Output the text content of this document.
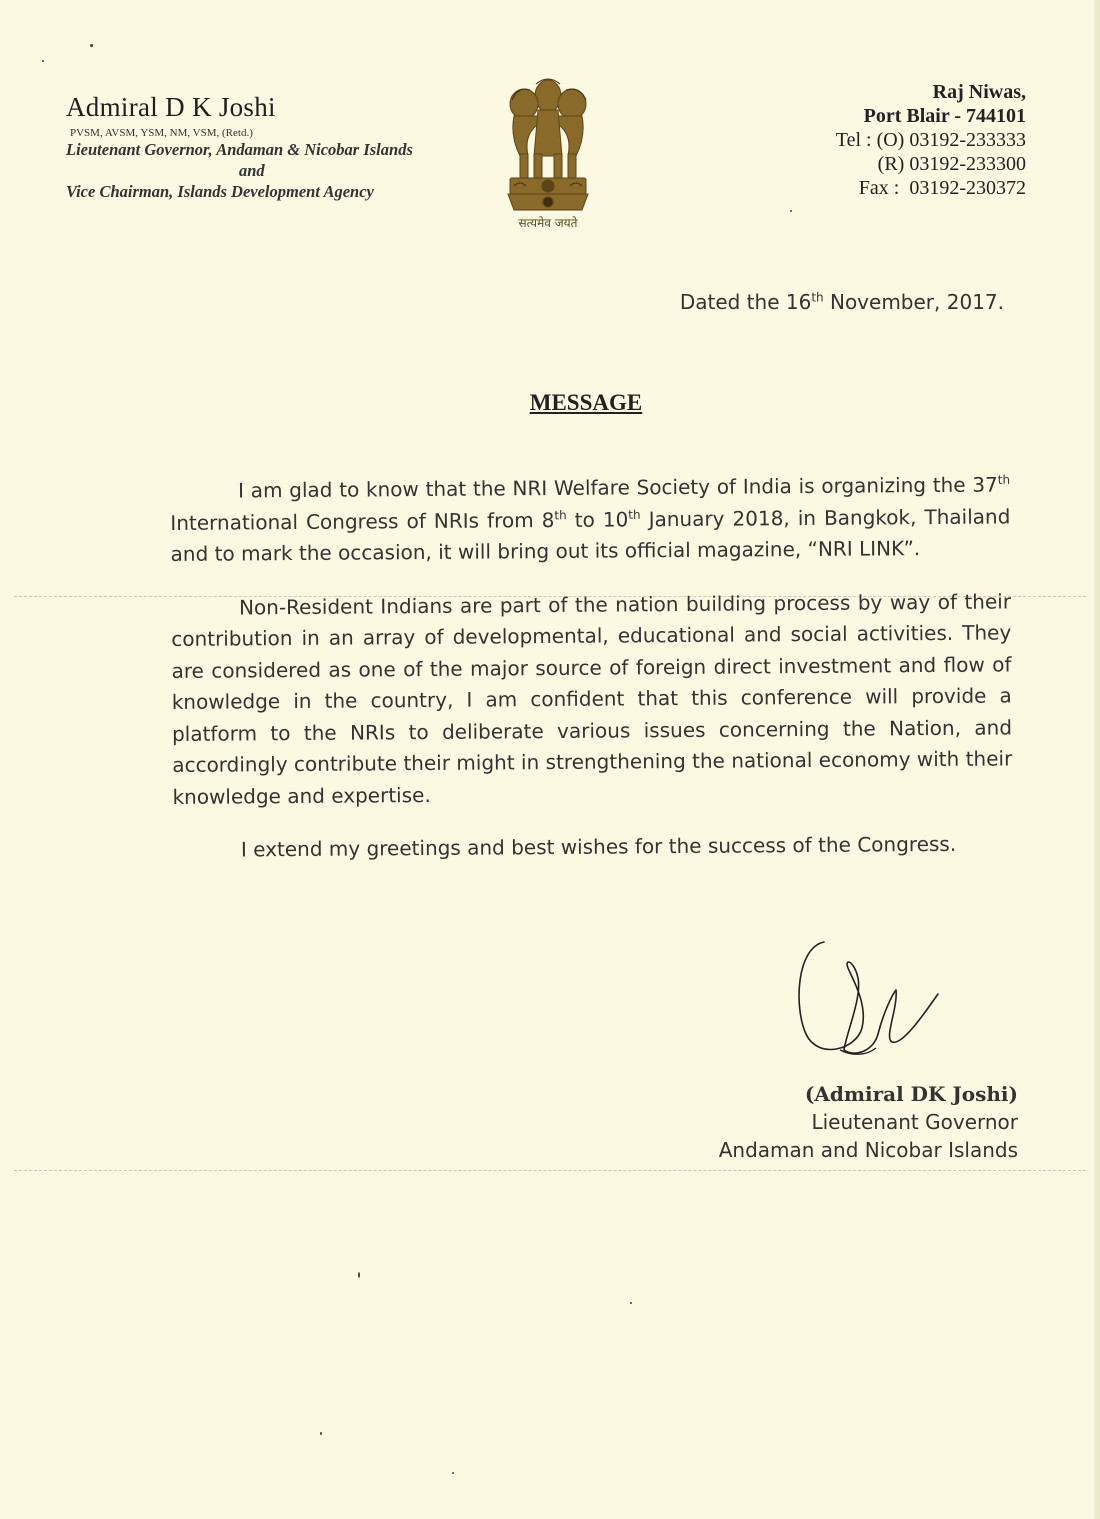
Admiral D K Joshi
PVSM, AVSM, YSM, NM, VSM, (Retd.)
Lieutenant Governor, Andaman & Nicobar Islands
and
Vice Chairman, Islands Development Agency
सत्यमेव जयते
Raj Niwas,
Port Blair - 744101
Tel :
(O) 03192-233333
(R) 03192-233300
Fax :
03192-230372
Dated the 16th November, 2017.
MESSAGE

I am glad to know that the NRI Welfare Society of India is organizing the 37th International Congress of NRIs from 8th to 10th January 2018, in Bangkok, Thailand and to mark the occasion, it will bring out its official magazine, “NRI LINK”.

Non-Resident Indians are part of the nation building process by way of their contribution in an array of developmental, educational and social activities. They are considered as one of the major source of foreign direct investment and flow of knowledge in the country, I am confident that this conference will provide a platform to the NRIs to deliberate various issues concerning the Nation, and accordingly contribute their might in strengthening the national economy with their knowledge and expertise.

I extend my greetings and best wishes for the success of the Congress.

(Admiral DK Joshi)
Lieutenant Governor
Andaman and Nicobar Islands
